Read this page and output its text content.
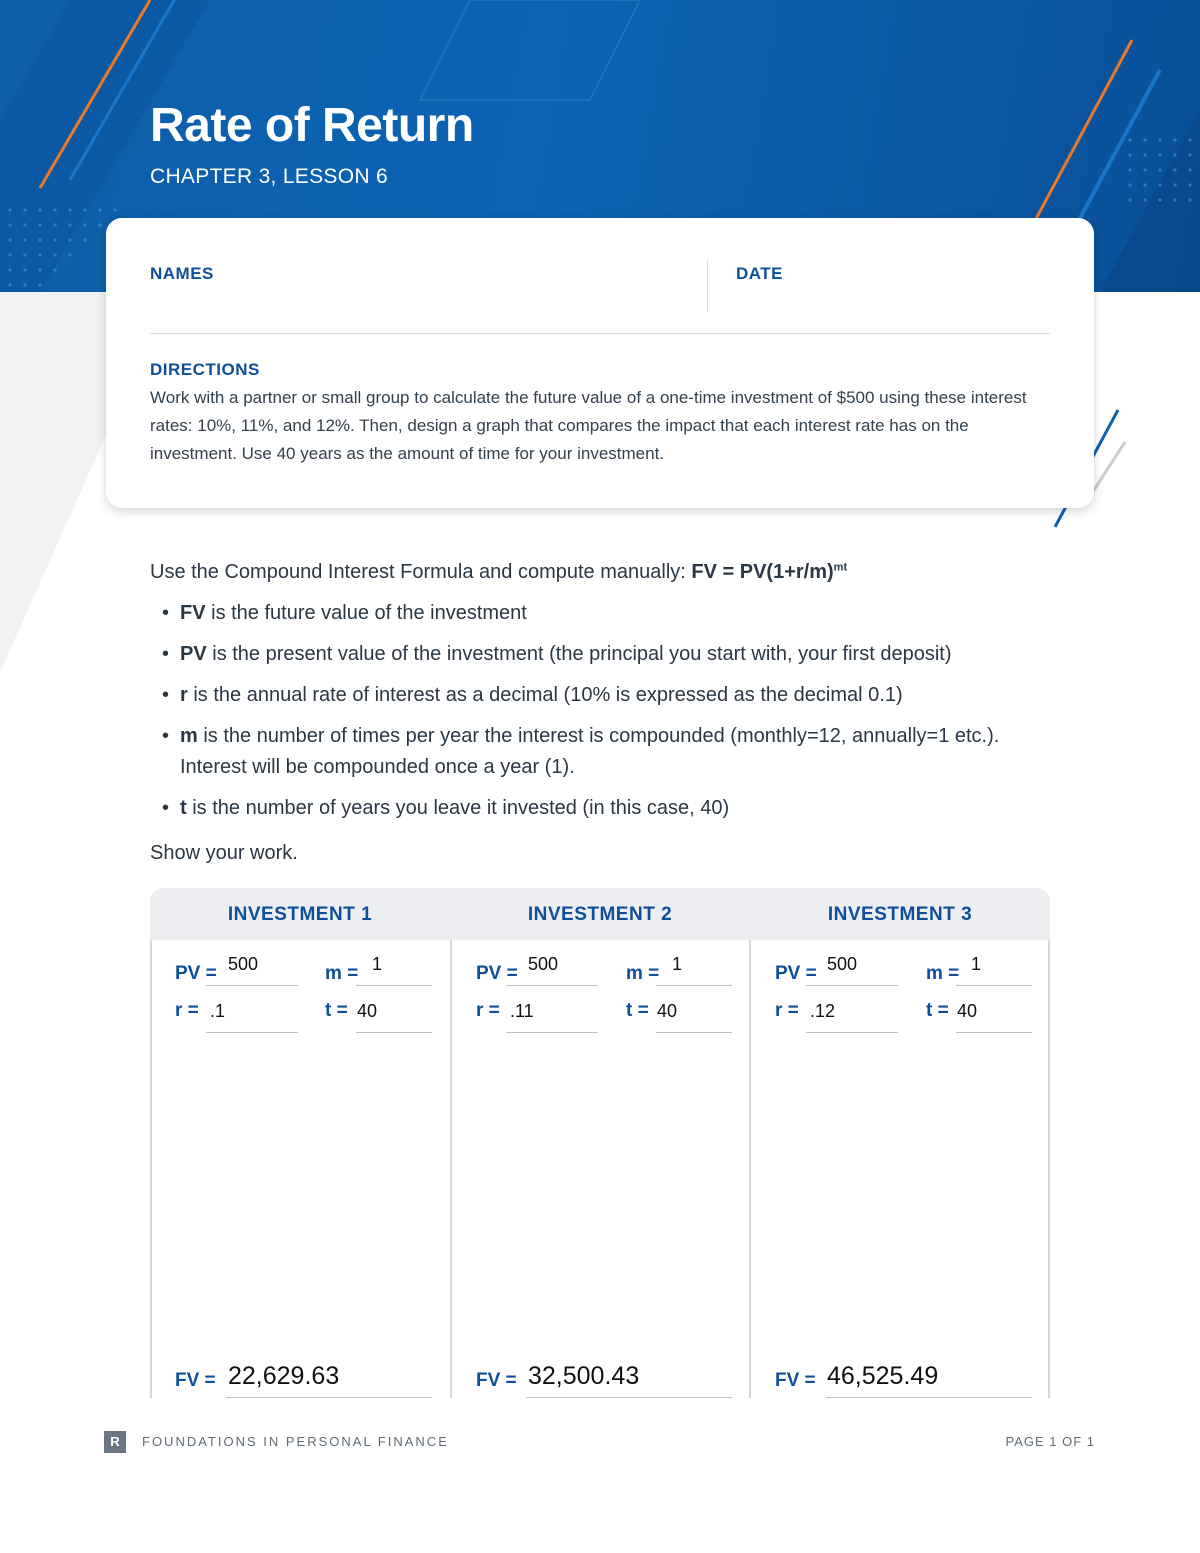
Rate of Return

CHAPTER 3, LESSON 6

NAMES	DATE
DIRECTIONS

Work with a partner or small group to calculate the future value of a one-time investment of $500 using these interest rates: 10%, 11%, and 12%. Then, design a graph that compares the impact that each interest rate has on the investment. Use 40 years as the amount of time for your investment.

Use the Compound Interest Formula and compute manually: FV = $PV(1+r/m)^{mt}$

• FV is the future value of the investment
• PV is the present value of the investment (the principal you start with, your first deposit)
• r is the annual rate of interest as a decimal (10% is expressed as the decimal 0.1)
• m is the number of times per year the interest is compounded (monthly=12, annually=1 etc.). Interest will be compounded once a year (1).
• t is the number of years you leave it invested (in this case, 40)

Show your work.

INVESTMENT 1	INVESTMENT 2	INVESTMENT 3
PV = 500	m = 1
r = .1	t = 40
FV = 22,629.63
PV = 500	m = 1
r = .11	t = 40
FV = 32,500.43
PV = 500	m = 1
r = .12	t = 40
FV = 46,525.49
R	FOUNDATIONS IN PERSONAL FINANCE	PAGE 1 OF 1
